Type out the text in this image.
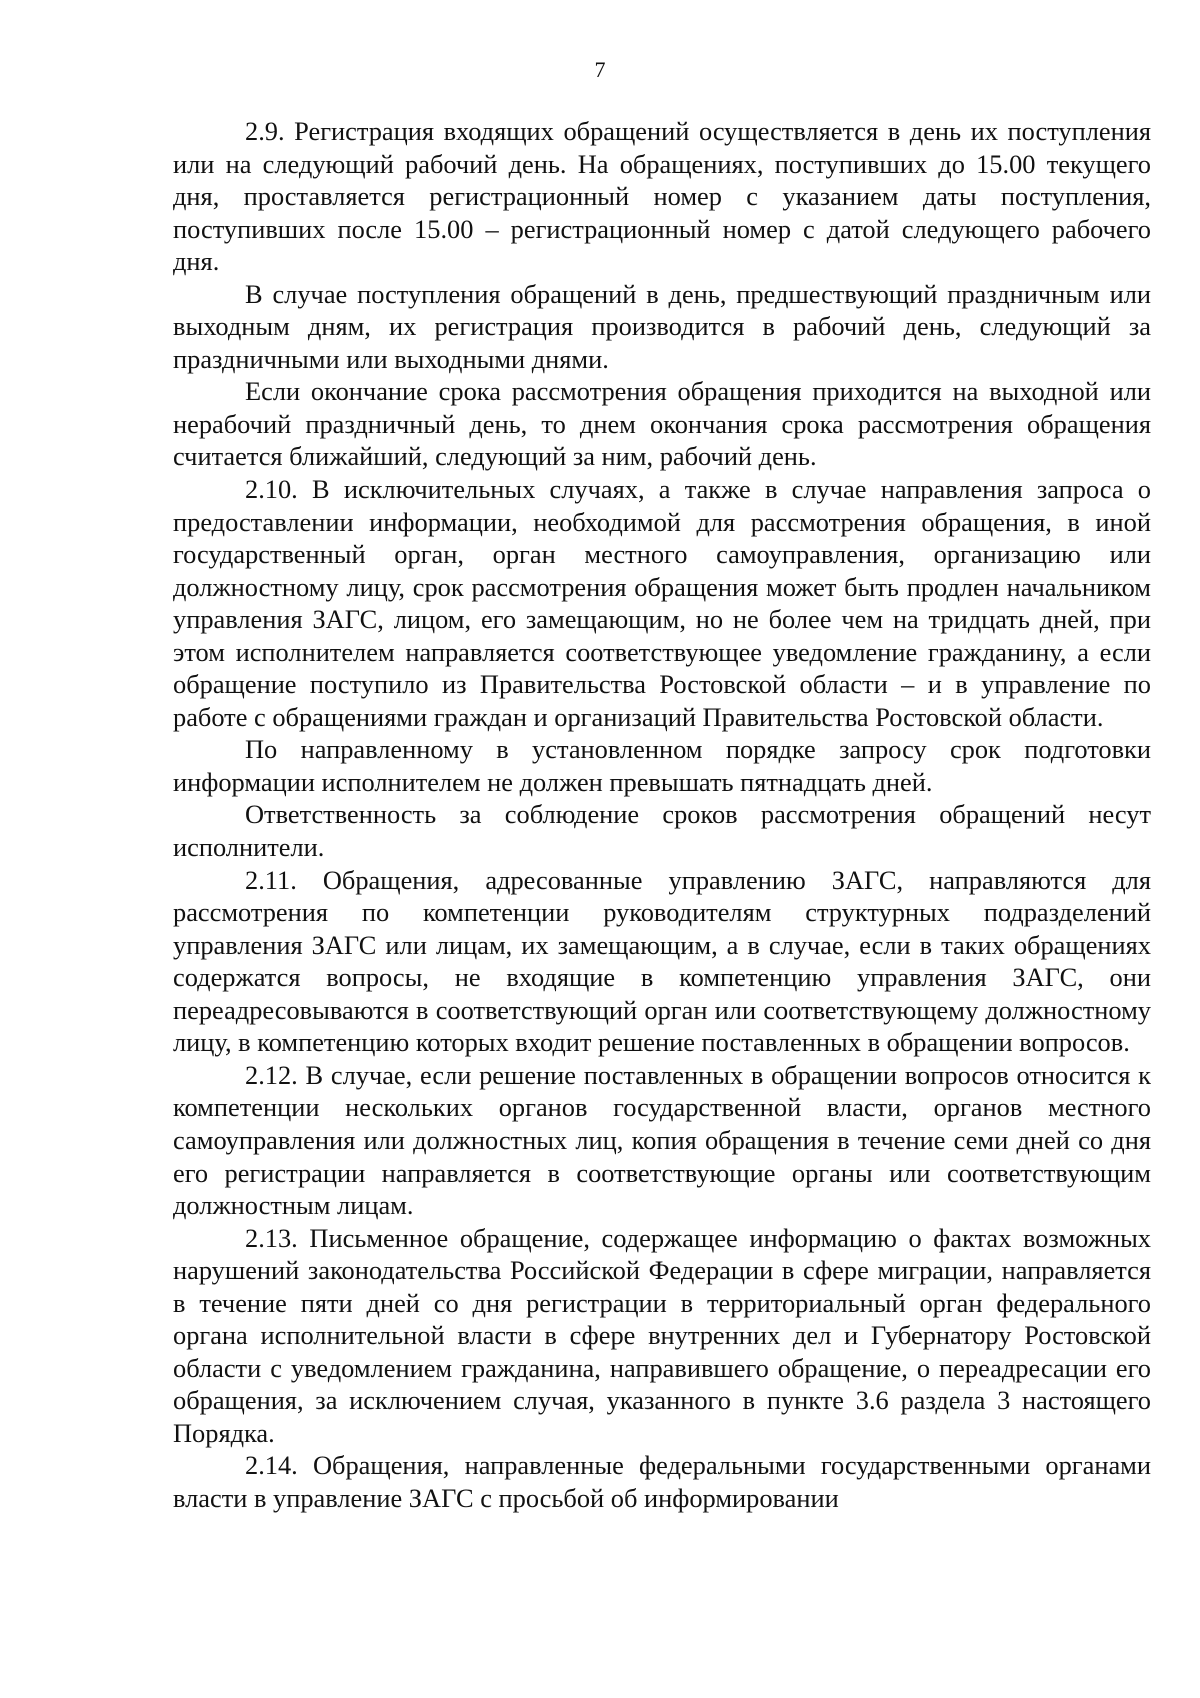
7

2.9. Регистрация входящих обращений осуществляется в день их поступления или на следующий рабочий день. На обращениях, поступивших до 15.00 текущего дня, проставляется регистрационный номер с указанием даты поступления, поступивших после 15.00 – регистрационный номер с датой следующего рабочего дня.

В случае поступления обращений в день, предшествующий праздничным или выходным дням, их регистрация производится в рабочий день, следующий за праздничными или выходными днями.

Если окончание срока рассмотрения обращения приходится на выходной или нерабочий праздничный день, то днем окончания срока рассмотрения обращения считается ближайший, следующий за ним, рабочий день.

2.10. В исключительных случаях, а также в случае направления запроса о предоставлении информации, необходимой для рассмотрения обращения, в иной государственный орган, орган местного самоуправления, организацию или должностному лицу, срок рассмотрения обращения может быть продлен начальником управления ЗАГС, лицом, его замещающим, но не более чем на тридцать дней, при этом исполнителем направляется соответствующее уведомление гражданину, а если обращение поступило из Правительства Ростовской области – и в управление по работе с обращениями граждан и организаций Правительства Ростовской области.

По направленному в установленном порядке запросу срок подготовки информации исполнителем не должен превышать пятнадцать дней.

Ответственность за соблюдение сроков рассмотрения обращений несут исполнители.

2.11. Обращения, адресованные управлению ЗАГС, направляются для рассмотрения по компетенции руководителям структурных подразделений управления ЗАГС или лицам, их замещающим, а в случае, если в таких обращениях содержатся вопросы, не входящие в компетенцию управления ЗАГС, они переадресовываются в соответствующий орган или соответствующему должностному лицу, в компетенцию которых входит решение поставленных в обращении вопросов.

2.12. В случае, если решение поставленных в обращении вопросов относится к компетенции нескольких органов государственной власти, органов местного самоуправления или должностных лиц, копия обращения в течение семи дней со дня его регистрации направляется в соответствующие органы или соответствующим должностным лицам.

2.13. Письменное обращение, содержащее информацию о фактах возможных нарушений законодательства Российской Федерации в сфере миграции, направляется в течение пяти дней со дня регистрации в территориальный орган федерального органа исполнительной власти в сфере внутренних дел и Губернатору Ростовской области с уведомлением гражданина, направившего обращение, о переадресации его обращения, за исключением случая, указанного в пункте 3.6 раздела 3 настоящего Порядка.

2.14. Обращения, направленные федеральными государственными органами власти в управление ЗАГС с просьбой об информировании
